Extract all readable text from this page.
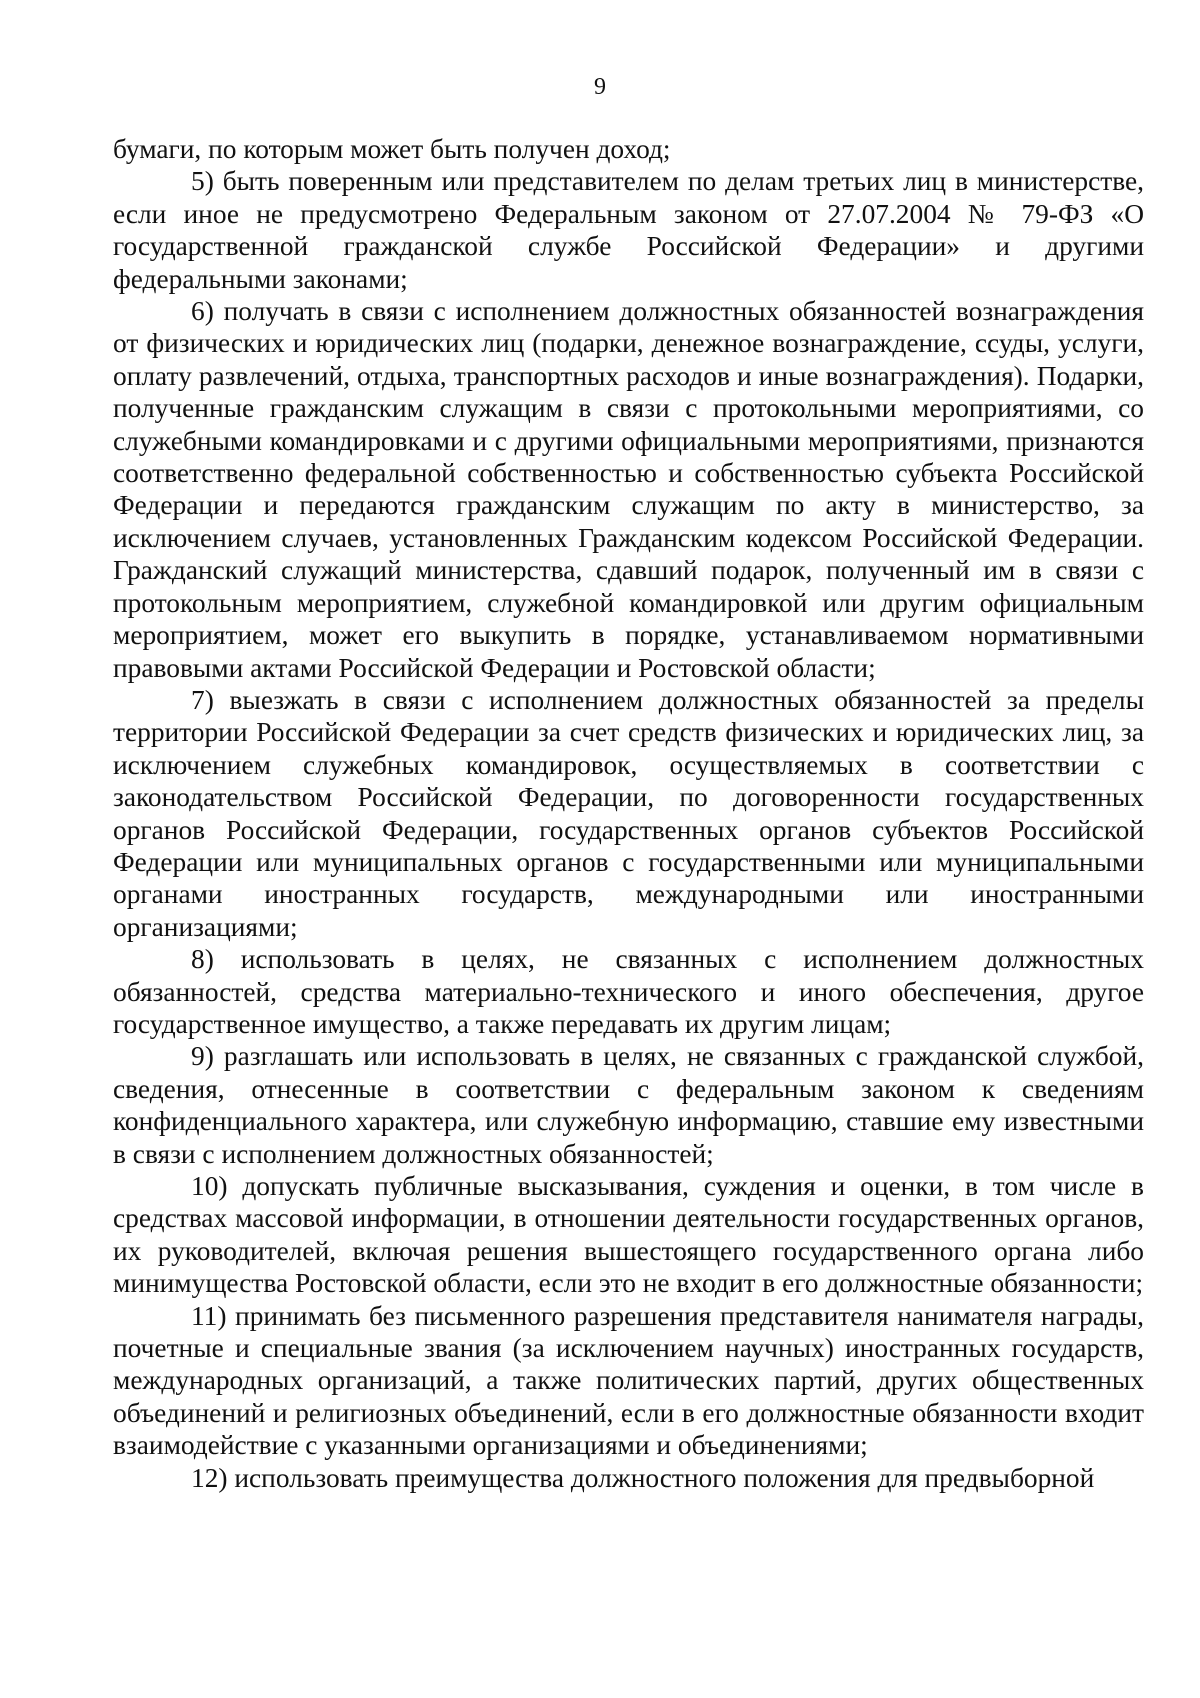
9

бумаги, по которым может быть получен доход;

5) быть поверенным или представителем по делам третьих лиц в министерстве, если иное не предусмотрено Федеральным законом от 27.07.2004 № 79-ФЗ «О государственной гражданской службе Российской Федерации» и другими федеральными законами;

6) получать в связи с исполнением должностных обязанностей вознаграждения от физических и юридических лиц (подарки, денежное вознаграждение, ссуды, услуги, оплату развлечений, отдыха, транспортных расходов и иные вознаграждения). Подарки, полученные гражданским служащим в связи с протокольными мероприятиями, со служебными командировками и с другими официальными мероприятиями, признаются соответственно федеральной собственностью и собственностью субъекта Российской Федерации и передаются гражданским служащим по акту в министерство, за исключением случаев, установленных Гражданским кодексом Российской Федерации. Гражданский служащий министерства, сдавший подарок, полученный им в связи с протокольным мероприятием, служебной командировкой или другим официальным мероприятием, может его выкупить в порядке, устанавливаемом нормативными правовыми актами Российской Федерации и Ростовской области;

7) выезжать в связи с исполнением должностных обязанностей за пределы территории Российской Федерации за счет средств физических и юридических лиц, за исключением служебных командировок, осуществляемых в соответствии с законодательством Российской Федерации, по договоренности государственных органов Российской Федерации, государственных органов субъектов Российской Федерации или муниципальных органов с государственными или муниципальными органами иностранных государств, международными или иностранными организациями;

8) использовать в целях, не связанных с исполнением должностных обязанностей, средства материально-технического и иного обеспечения, другое государственное имущество, а также передавать их другим лицам;

9) разглашать или использовать в целях, не связанных с гражданской службой, сведения, отнесенные в соответствии с федеральным законом к сведениям конфиденциального характера, или служебную информацию, ставшие ему известными в связи с исполнением должностных обязанностей;

10) допускать публичные высказывания, суждения и оценки, в том числе в средствах массовой информации, в отношении деятельности государственных органов, их руководителей, включая решения вышестоящего государственного органа либо минимущества Ростовской области, если это не входит в его должностные обязанности;

11) принимать без письменного разрешения представителя нанимателя награды, почетные и специальные звания (за исключением научных) иностранных государств, международных организаций, а также политических партий, других общественных объединений и религиозных объединений, если в его должностные обязанности входит взаимодействие с указанными организациями и объединениями;

12) использовать преимущества должностного положения для предвыборной
